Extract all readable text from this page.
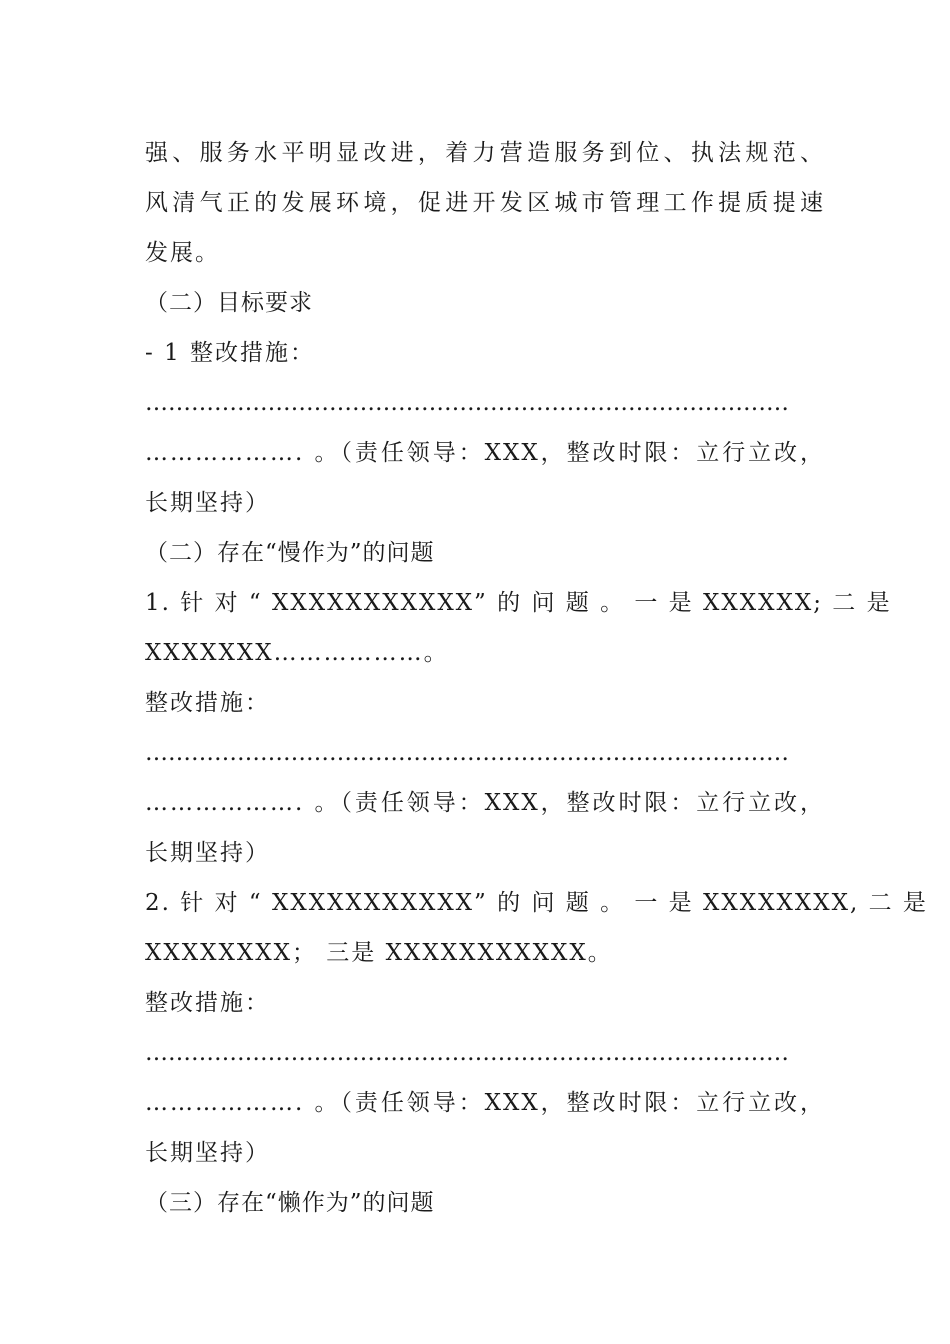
强、服务水平明显改进，着力营造服务到位、执法规范、
风清气正的发展环境，促进开发区城市管理工作提质提速
发展。
（二）目标要求
- 1 整改措施：
…………………………………………………………………………
………………. 。（责任领导：XXX，整改时限：立行立改，
长期坚持）
（二）存在“慢作为”的问题
1. 针 对 “ XXXXXXXXXXX” 的 问 题 。 一 是 XXXXXX; 二 是
XXXXXXX………………。
整改措施：
…………………………………………………………………………
………………. 。（责任领导：XXX，整改时限：立行立改，
长期坚持）
2. 针 对 “ XXXXXXXXXXX” 的 问 题 。 一 是 XXXXXXXX, 二 是
XXXXXXXX； 三是 XXXXXXXXXXX。
整改措施：
…………………………………………………………………………
………………. 。（责任领导：XXX，整改时限：立行立改，
长期坚持）
（三）存在“懒作为”的问题
